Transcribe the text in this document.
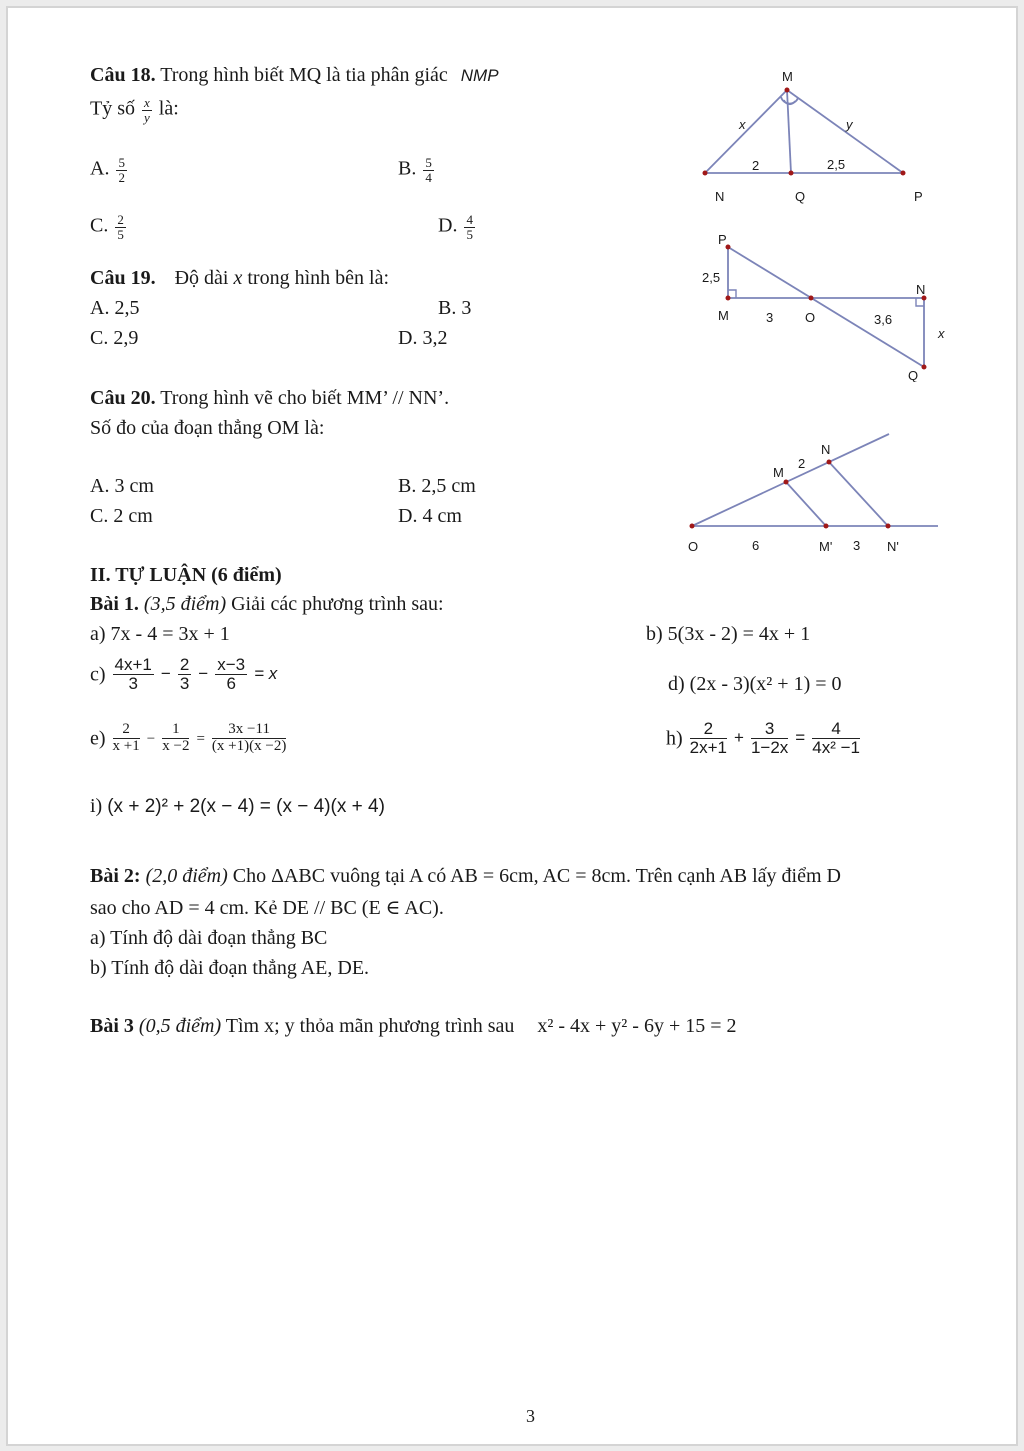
Câu 18. Trong hình biết MQ là tia phân giác NMP
Tỷ số $\frac{x}{y}$ là:
A. $\frac{5}{2}$	B. $\frac{5}{4}$
C. $\frac{2}{5}$	D. $\frac{4}{5}$
M
N	Q	P
x	y
2	2,5
Câu 19. Độ dài x trong hình bên là:
A. 2,5	B. 3
C. 2,9	D. 3,2
P
M	O
N
Q
2,5
3	3,6
x
Câu 20. Trong hình vẽ cho biết MM’ // NN’.
Số đo của đoạn thẳng OM là:
A. 3 cm	B. 2,5 cm
C. 2 cm	D. 4 cm
O
M
N
M'	N'
2
6	3
II. TỰ LUẬN (6 điểm)
Bài 1. (3,5 điểm) Giải các phương trình sau:
a) 7x - 4 = 3x + 1	b) 5(3x - 2) = 4x + 1
$c) \frac{4x+1}{3} - \frac{2}{3} - \frac{x-3}{6} = x$	d) (2x - 3)(x² + 1) = 0
$e) \frac{2}{x +1} - \frac{1}{x -2} = \frac{3x -11}{(x +1)(x -2)}$	$h) \frac{2}{2x+1} + \frac{3}{1-2x} = \frac{4}{\text{4x² −1}}$
i) (x + 2)² + 2(x − 4) = (x − 4)(x + 4)
Bài 2: (2,0 điểm) Cho ΔABC vuông tại A có AB = 6cm, AC = 8cm. Trên cạnh AB lấy điểm D
sao cho AD = 4 cm. Kẻ DE // BC (E ∈ AC).
a) Tính độ dài đoạn thẳng BC
b) Tính độ dài đoạn thẳng AE, DE.
Bài 3 (0,5 điểm) Tìm x; y thỏa mãn phương trình sau x² - 4x + y² - 6y + 15 = 2
3
